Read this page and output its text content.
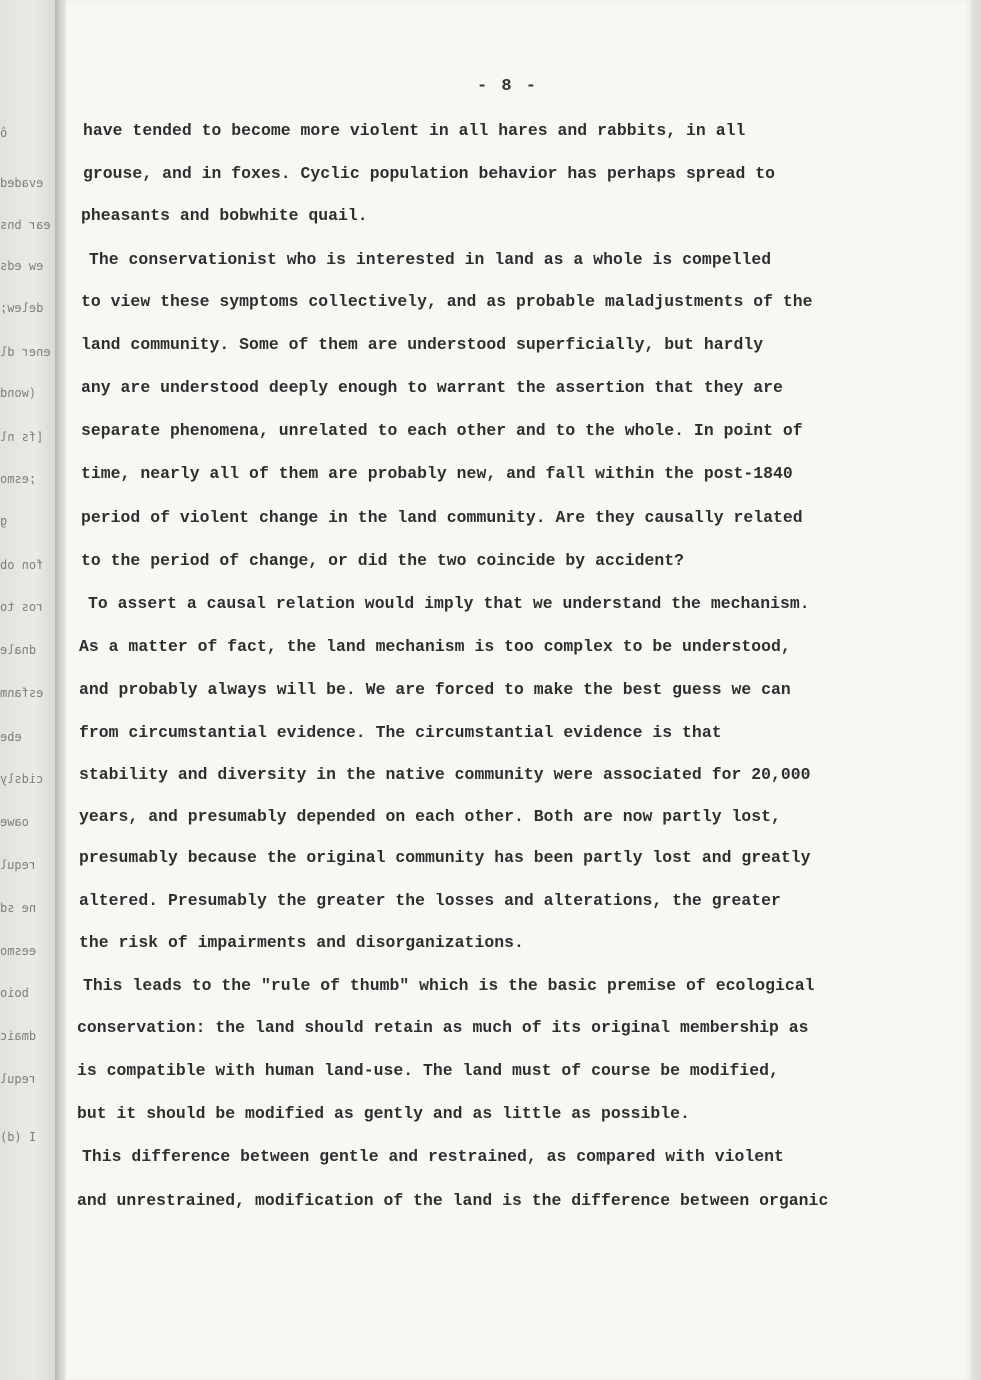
ô
evaded
ear bns
ew eds
delew;
ener dl
(wond
[fs nl
;esmo
g
fon ob
ros to
dnale
esfanm
ebe
cidsly
oawe
requl
ne sd
eesmo
boio
dmaic
requl
I (d)
- 8 -
have tended to become more violent in all hares and rabbits, in all
grouse, and in foxes. Cyclic population behavior has perhaps spread to
pheasants and bobwhite quail.
The conservationist who is interested in land as a whole is compelled
to view these symptoms collectively, and as probable maladjustments of the
land community. Some of them are understood superficially, but hardly
any are understood deeply enough to warrant the assertion that they are
separate phenomena, unrelated to each other and to the whole. In point of
time, nearly all of them are probably new, and fall within the post-1840
period of violent change in the land community. Are they causally related
to the period of change, or did the two coincide by accident?
To assert a causal relation would imply that we understand the mechanism.
As a matter of fact, the land mechanism is too complex to be understood,
and probably always will be. We are forced to make the best guess we can
from circumstantial evidence. The circumstantial evidence is that
stability and diversity in the native community were associated for 20,000
years, and presumably depended on each other. Both are now partly lost,
presumably because the original community has been partly lost and greatly
altered. Presumably the greater the losses and alterations, the greater
the risk of impairments and disorganizations.
This leads to the "rule of thumb" which is the basic premise of ecological
conservation: the land should retain as much of its original membership as
is compatible with human land-use. The land must of course be modified,
but it should be modified as gently and as little as possible.
This difference between gentle and restrained, as compared with violent
and unrestrained, modification of the land is the difference between organic
